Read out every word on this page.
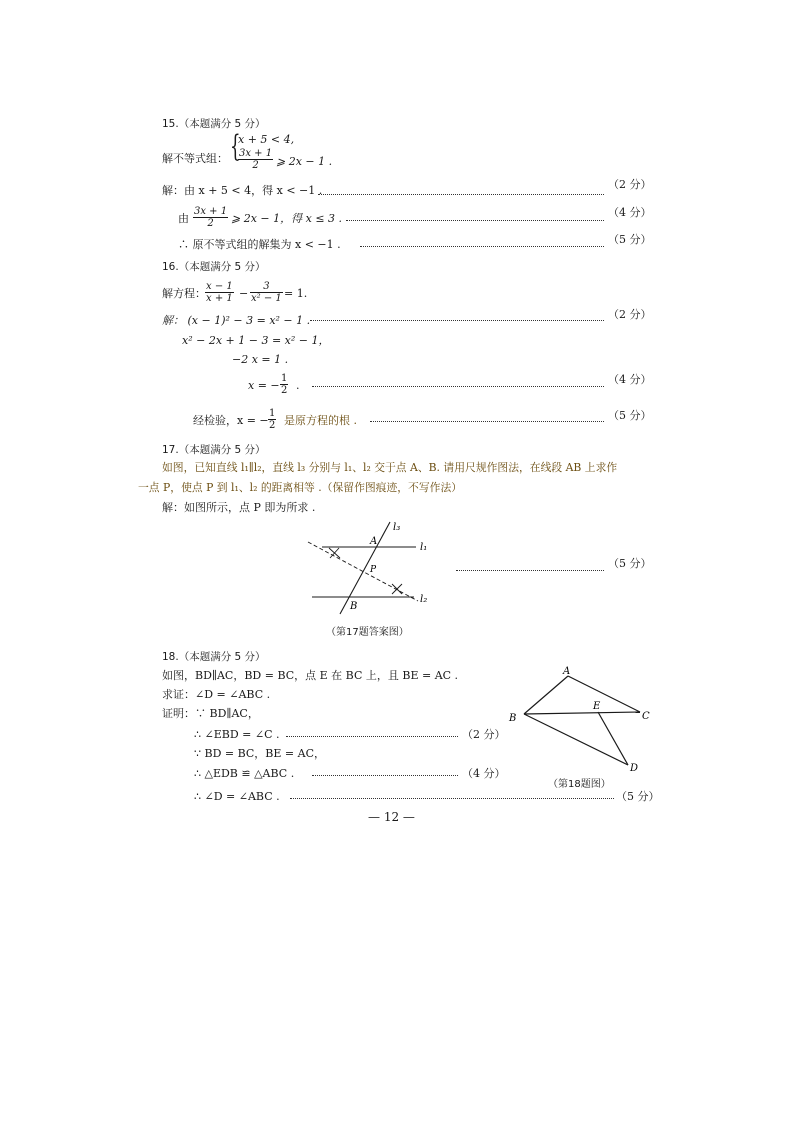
15.（本题满分 5 分）
{
x + 5 < 4,
解不等式组： $\frac{3x + 1}{2}$ ⩾ 2x − 1 .
解：由 x + 5 < 4，得 x < −1 .	（2 分）
由 $\frac{3x + 1}{2}$ ⩾ 2x − 1，得 x ≤ 3 .	（4 分）
∴ 原不等式组的解集为 x < −1 .	（5 分）
16.（本题满分 5 分）
解方程： $\frac{x - 1}{x + 1} - \frac{3}{\text{x² − 1}} = 1$.
解： (x − 1)² − 3 = x² − 1 .	（2 分）
x² − 2x + 1 − 3 = x² − 1，
−2 x = 1 .
x = − $\frac{1}{2}$ .	（4 分）
经检验，x = − $\frac{1}{2}$ 是原方程的根 .	（5 分）
17.（本题满分 5 分）
如图，已知直线 l₁∥l₂，直线 l₃ 分别与 l₁、l₂ 交于点 A、B. 请用尺规作图法，在线段 AB 上求作
一点 P，使点 P 到 l₁、l₂ 的距离相等 .（保留作图痕迹，不写作法）
解：如图所示，点 P 即为所求 .
l₃
l₁
l₂
A
B
P	（5 分）
（第17题答案图）
18.（本题满分 5 分）
如图，BD∥AC，BD = BC，点 E 在 BC 上，且 BE = AC .
求证：∠D = ∠ABC .
证明：∵ BD∥AC，
∴ ∠EBD = ∠C .	（2 分）
∵ BD = BC，BE = AC，
∴ △EDB ≌ △ABC .	（4 分）
∴ ∠D = ∠ABC .	（5 分）
A
B	C
D
E
（第18题图）
— 12 —
